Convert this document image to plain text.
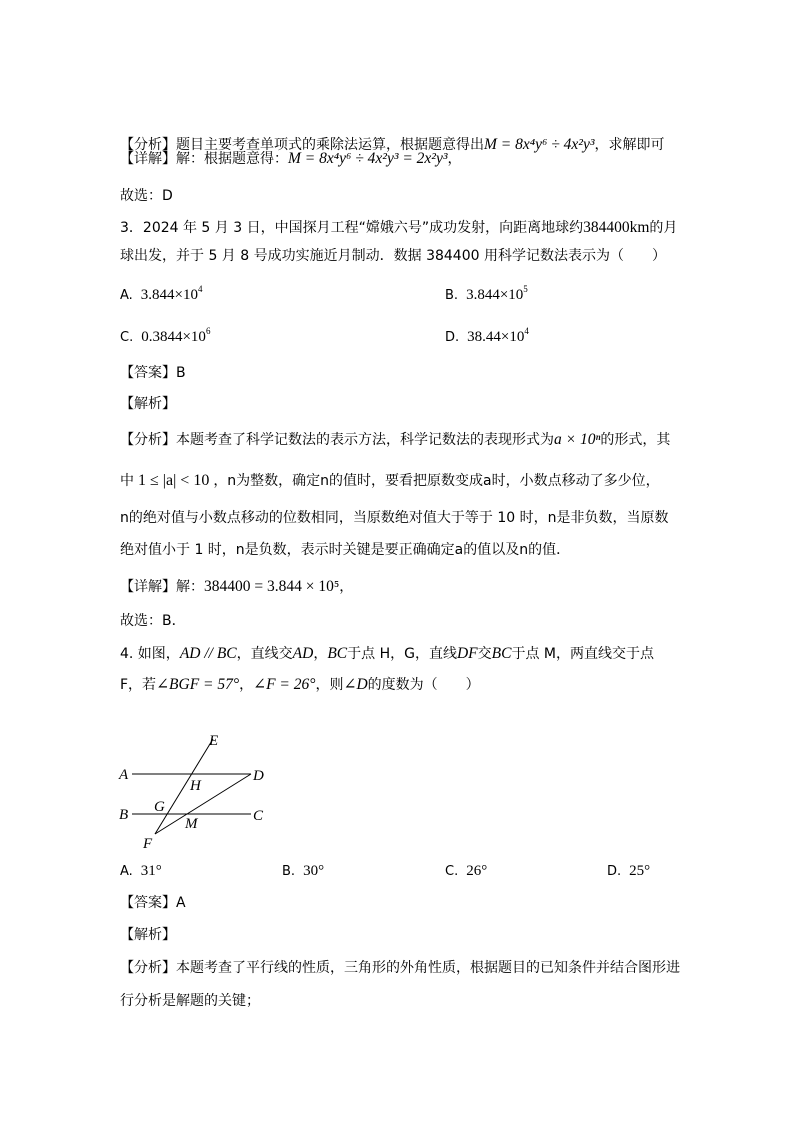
【分析】题目主要考查单项式的乘除法运算，根据题意得出M = 8x⁴y⁶ ÷ 4x²y³，求解即可
【详解】解：根据题意得：M = 8x⁴y⁶ ÷ 4x²y³ = 2x²y³，
故选：D
3．2024 年 5 月 3 日，中国探月工程“嫦娥六号”成功发射，向距离地球约384400km的月
球出发，并于 5 月 8 号成功实施近月制动．数据 384400 用科学记数法表示为（　　）
A. $3.844\times 10^4$	B. $3.844\times 10^5$
C. $0.3844\times 10^6$	D. $38.44\times 10^4$
【答案】B
【解析】
【分析】本题考查了科学记数法的表示方法，科学记数法的表现形式为a × 10ⁿ的形式，其
中 1 ≤ |a| < 10 ，n为整数，确定n的值时，要看把原数变成a时，小数点移动了多少位，
n的绝对值与小数点移动的位数相同，当原数绝对值大于等于 10 时，n是非负数，当原数
绝对值小于 1 时，n是负数，表示时关键是要正确确定a的值以及n的值．
【详解】解：384400 = 3.844 × 10⁵，
故选：B．
4. 如图，AD // BC，直线交AD，BC于点 H，G，直线DF交BC于点 M，两直线交于点
F，若∠BGF = 57°，∠F = 26°，则∠D的度数为（　　）
A
B	C
D
E
F
G
H
M
A. 31°	B. 30°	C. 26°	D. 25°
【答案】A
【解析】
【分析】本题考查了平行线的性质，三角形的外角性质，根据题目的已知条件并结合图形进
行分析是解题的关键；
